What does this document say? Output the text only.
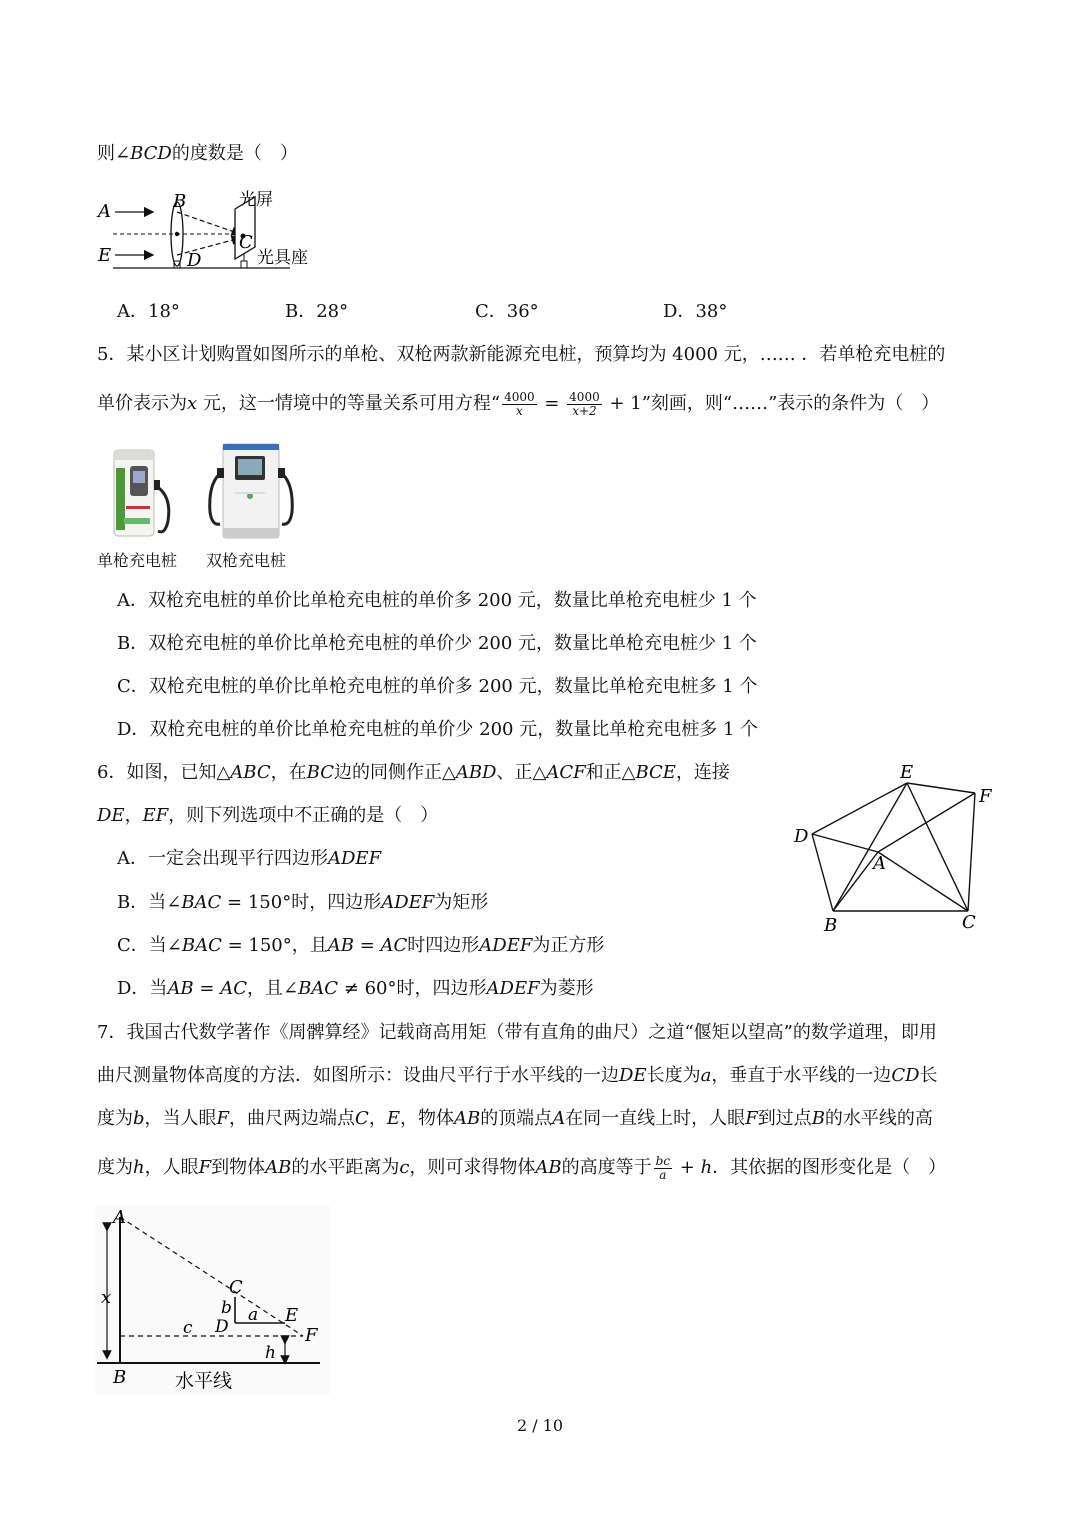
则∠BCD的度数是（　）
A	B
E	D
C
光屏
光具座
A．18°	B．28°	C．36°	D．38°
5．某小区计划购置如图所示的单枪、双枪两款新能源充电桩，预算均为 4000 元，…… ．若单枪充电桩的
单价表示为x 元，这一情境中的等量关系可用方程“ $\frac{4000}{x} = \frac{4000}{x+2} + 1$”刻画，则“……”表示的条件为（　）
单枪充电桩 双枪充电桩
A．双枪充电桩的单价比单枪充电桩的单价多 200 元，数量比单枪充电桩少 1 个
B．双枪充电桩的单价比单枪充电桩的单价少 200 元，数量比单枪充电桩少 1 个
C．双枪充电桩的单价比单枪充电桩的单价多 200 元，数量比单枪充电桩多 1 个
D．双枪充电桩的单价比单枪充电桩的单价少 200 元，数量比单枪充电桩多 1 个
6．如图，已知△ABC，在BC边的同侧作正△ABD、正△ACF和正△BCE，连接
DE，EF，则下列选项中不正确的是（　）
A．一定会出现平行四边形ADEF
B．当∠BAC = 150°时，四边形ADEF为矩形
C．当∠BAC = 150°，且AB = AC时四边形ADEF为正方形
D．当AB = AC，且∠BAC ≠ 60°时，四边形ADEF为菱形
E
F
D
A
B	C
7．我国古代数学著作《周髀算经》记载商高用矩（带有直角的曲尺）之道“偃矩以望高”的数学道理，即用
曲尺测量物体高度的方法．如图所示：设曲尺平行于水平线的一边DE长度为a，垂直于水平线的一边CD长
度为b，当人眼F，曲尺两边端点C，E，物体AB的顶端点A在同一直线上时，人眼F到过点B的水平线的高
度为h，人眼F到物体AB的水平距离为c，则可求得物体AB的高度等于 $\frac{bc}{a} + h$．其依据的图形变化是（　）
A
x	C
b
D
a E
c	F
h
B	水平线
2 / 10
